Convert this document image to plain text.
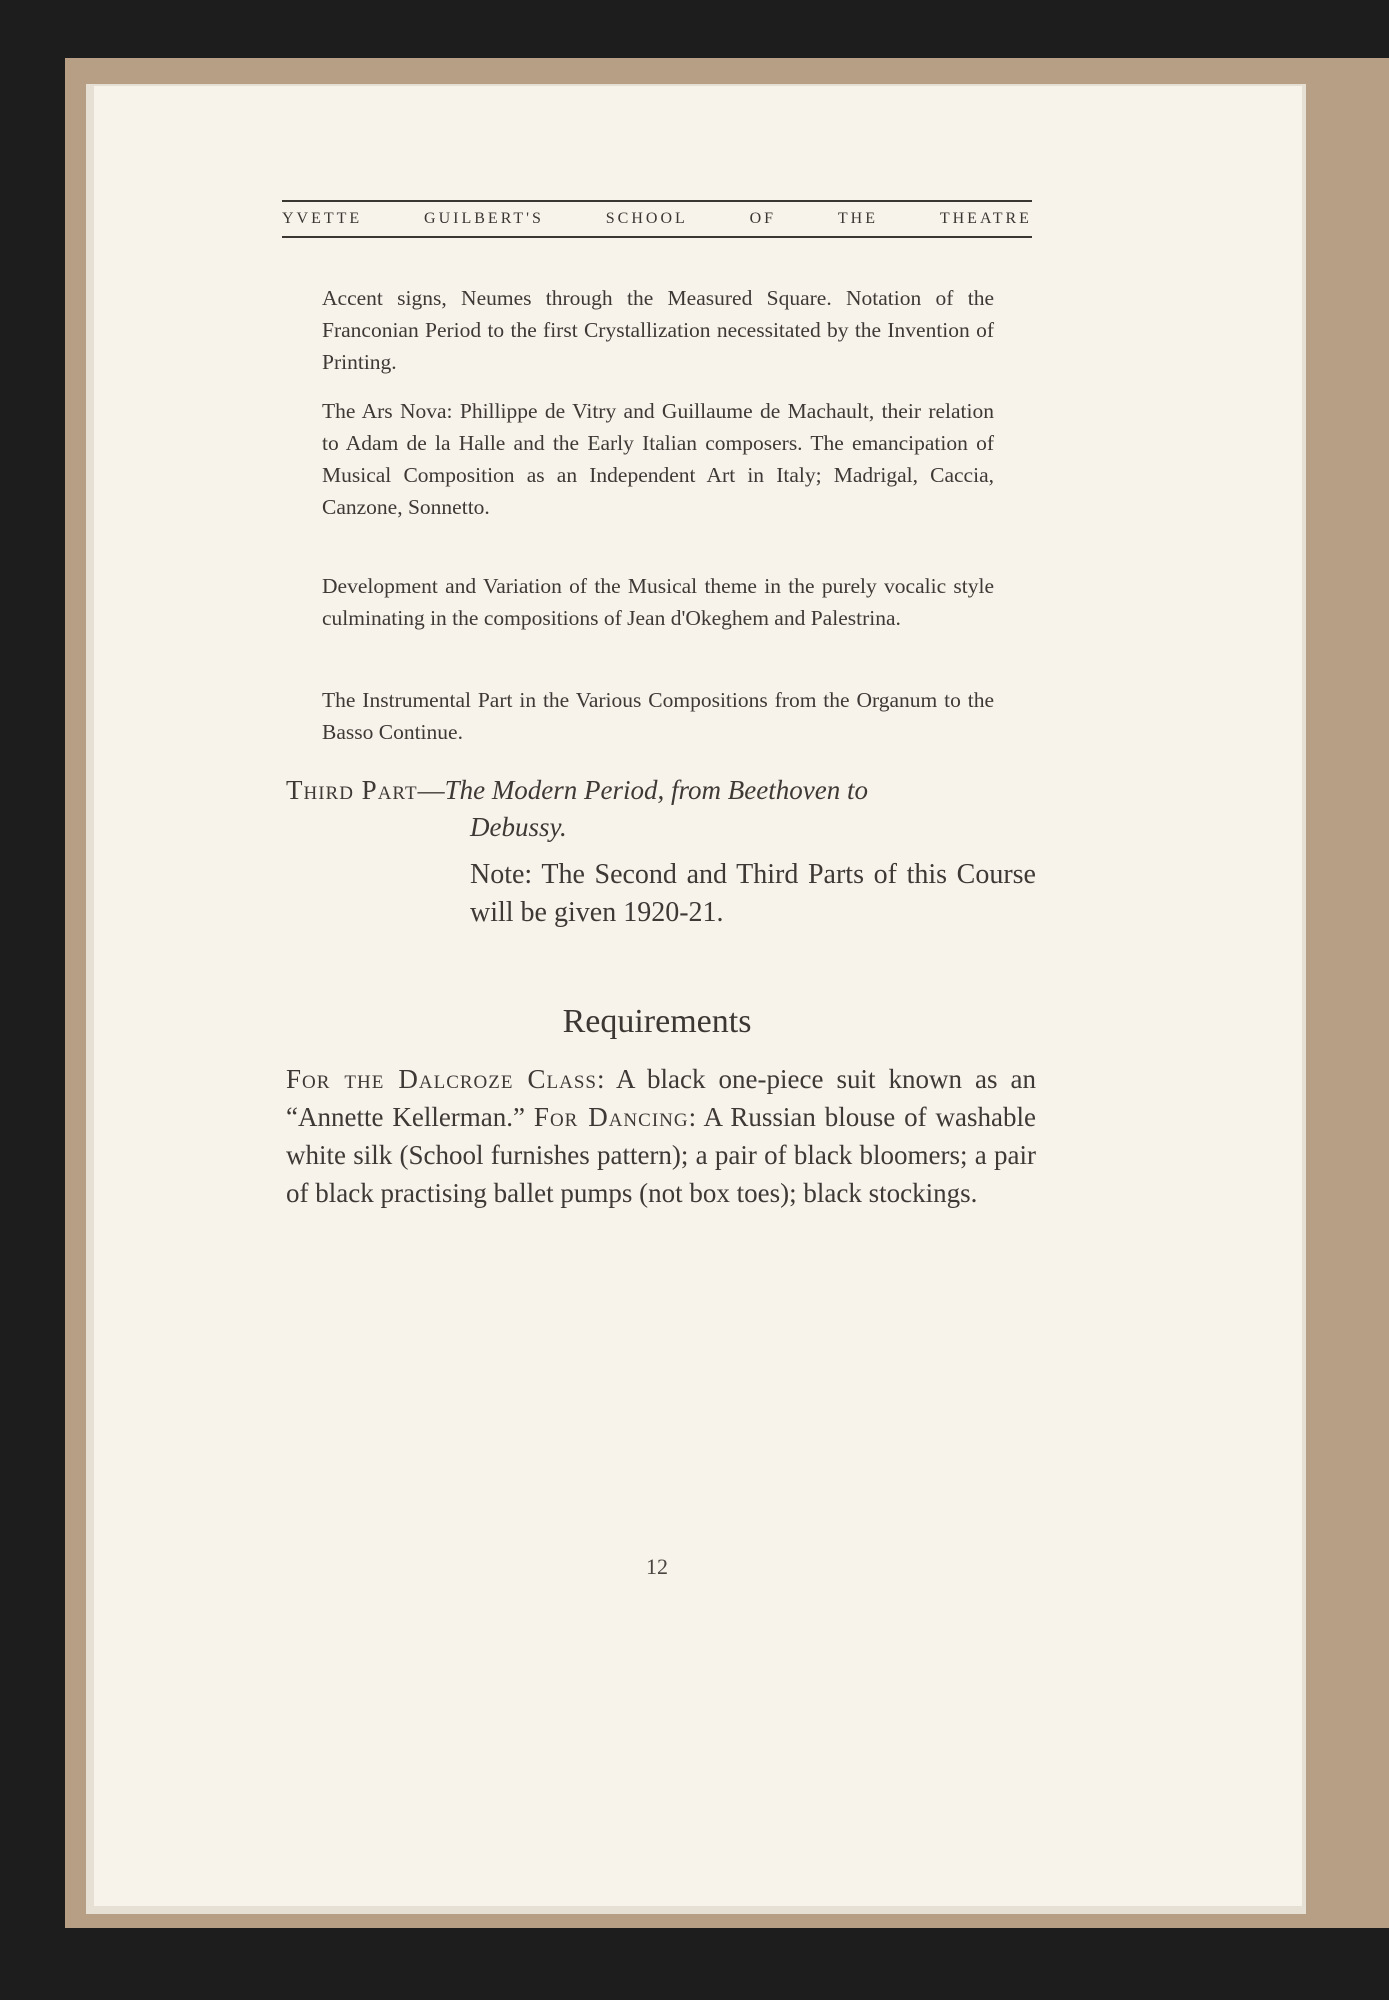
YVETTE	GUILBERT'S	SCHOOL	OF	THE	THEATRE

Accent signs, Neumes through the Measured Square. Notation of the Franconian Period to the first Crystallization necessitated by the Invention of Printing.

The Ars Nova: Phillippe de Vitry and Guillaume de Machault, their relation to Adam de la Halle and the Early Italian composers. The emancipation of Musical Composition as an Independent Art in Italy; Madrigal, Caccia, Canzone, Sonnetto.

Development and Variation of the Musical theme in the purely vocalic style culminating in the compositions of Jean d'Okeghem and Palestrina.

The Instrumental Part in the Various Compositions from the Organum to the Basso Continue.

Third Part—The Modern Period, from Beethoven to
Debussy.

Note: The Second and Third Parts of this Course will be given 1920-21.

Requirements

For the Dalcroze Class: A black one-piece suit known as an “Annette Kellerman.” For Dancing: A Russian blouse of washable white silk (School furnishes pattern); a pair of black bloomers; a pair of black practising ballet pumps (not box toes); black stockings.

12
